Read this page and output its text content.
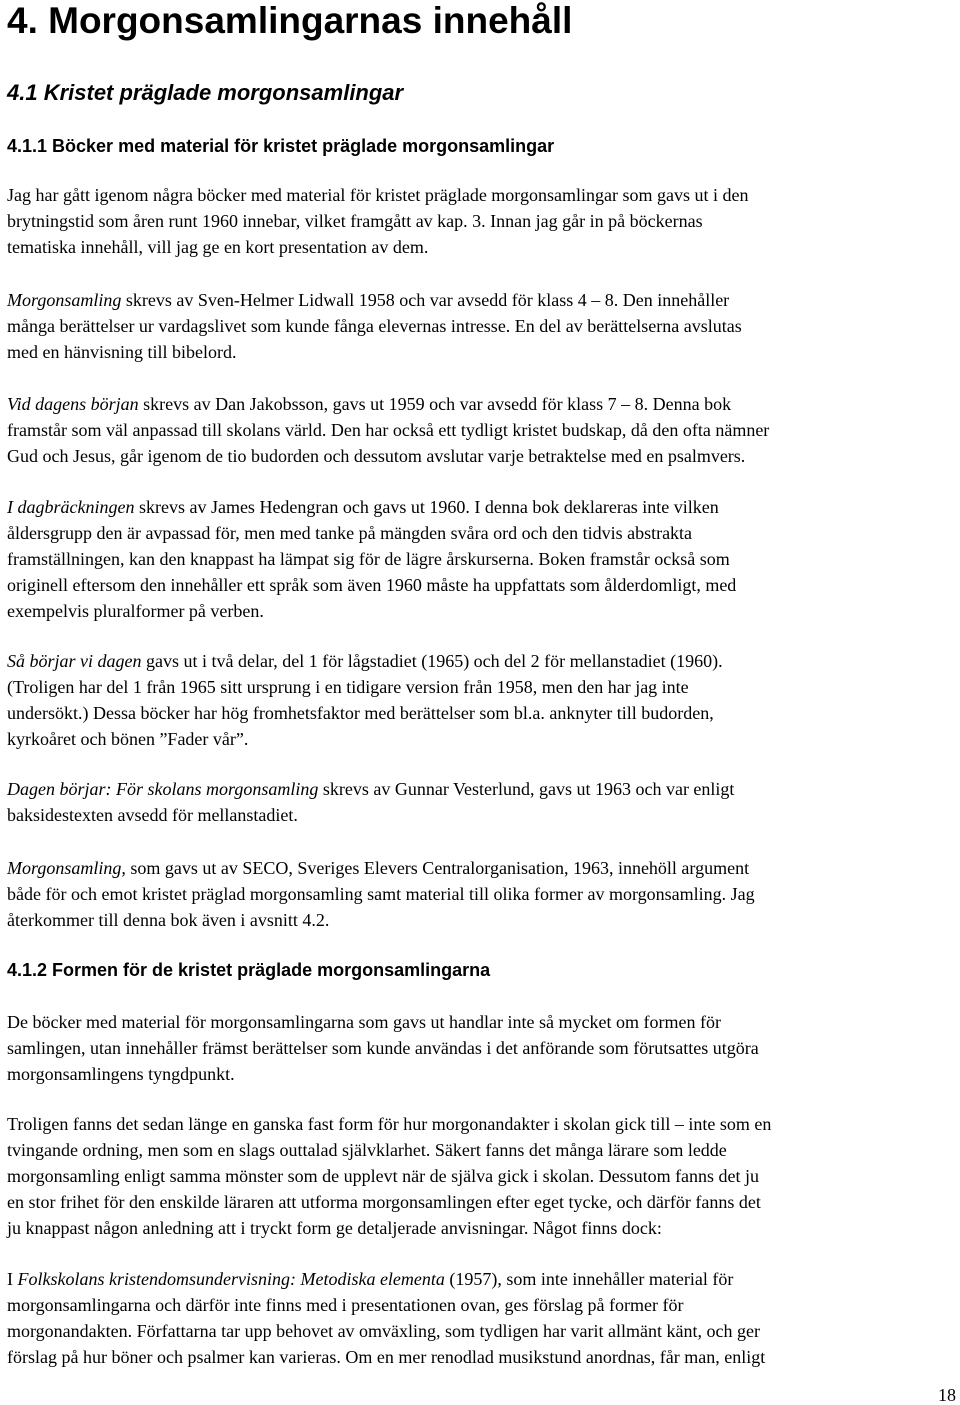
4. Morgonsamlingarnas innehåll
4.1 Kristet präglade morgonsamlingar
4.1.1 Böcker med material för kristet präglade morgonsamlingar

Jag har gått igenom några böcker med material för kristet präglade morgonsamlingar som gavs ut i den
brytningstid som åren runt 1960 innebar, vilket framgått av kap. 3. Innan jag går in på böckernas
tematiska innehåll, vill jag ge en kort presentation av dem.

Morgonsamling skrevs av Sven-Helmer Lidwall 1958 och var avsedd för klass 4 – 8. Den innehåller
många berättelser ur vardagslivet som kunde fånga elevernas intresse. En del av berättelserna avslutas
med en hänvisning till bibelord.

Vid dagens början skrevs av Dan Jakobsson, gavs ut 1959 och var avsedd för klass 7 – 8. Denna bok
framstår som väl anpassad till skolans värld. Den har också ett tydligt kristet budskap, då den ofta nämner
Gud och Jesus, går igenom de tio budorden och dessutom avslutar varje betraktelse med en psalmvers.

I dagbräckningen skrevs av James Hedengran och gavs ut 1960. I denna bok deklareras inte vilken
åldersgrupp den är avpassad för, men med tanke på mängden svåra ord och den tidvis abstrakta
framställningen, kan den knappast ha lämpat sig för de lägre årskurserna. Boken framstår också som
originell eftersom den innehåller ett språk som även 1960 måste ha uppfattats som ålderdomligt, med
exempelvis pluralformer på verben.

Så börjar vi dagen gavs ut i två delar, del 1 för lågstadiet (1965) och del 2 för mellanstadiet (1960).
(Troligen har del 1 från 1965 sitt ursprung i en tidigare version från 1958, men den har jag inte
undersökt.) Dessa böcker har hög fromhetsfaktor med berättelser som bl.a. anknyter till budorden,
kyrkoåret och bönen ”Fader vår”.

Dagen börjar: För skolans morgonsamling skrevs av Gunnar Vesterlund, gavs ut 1963 och var enligt
baksidestexten avsedd för mellanstadiet.

Morgonsamling, som gavs ut av SECO, Sveriges Elevers Centralorganisation, 1963, innehöll argument
både för och emot kristet präglad morgonsamling samt material till olika former av morgonsamling. Jag
återkommer till denna bok även i avsnitt 4.2.

4.1.2 Formen för de kristet präglade morgonsamlingarna

De böcker med material för morgonsamlingarna som gavs ut handlar inte så mycket om formen för
samlingen, utan innehåller främst berättelser som kunde användas i det anförande som förutsattes utgöra
morgonsamlingens tyngdpunkt.

Troligen fanns det sedan länge en ganska fast form för hur morgonandakter i skolan gick till – inte som en
tvingande ordning, men som en slags outtalad självklarhet. Säkert fanns det många lärare som ledde
morgonsamling enligt samma mönster som de upplevt när de själva gick i skolan. Dessutom fanns det ju
en stor frihet för den enskilde läraren att utforma morgonsamlingen efter eget tycke, och därför fanns det
ju knappast någon anledning att i tryckt form ge detaljerade anvisningar. Något finns dock:

I Folkskolans kristendomsundervisning: Metodiska elementa (1957), som inte innehåller material för
morgonsamlingarna och därför inte finns med i presentationen ovan, ges förslag på former för
morgonandakten. Författarna tar upp behovet av omväxling, som tydligen har varit allmänt känt, och ger
förslag på hur böner och psalmer kan varieras. Om en mer renodlad musikstund anordnas, får man, enligt

18
